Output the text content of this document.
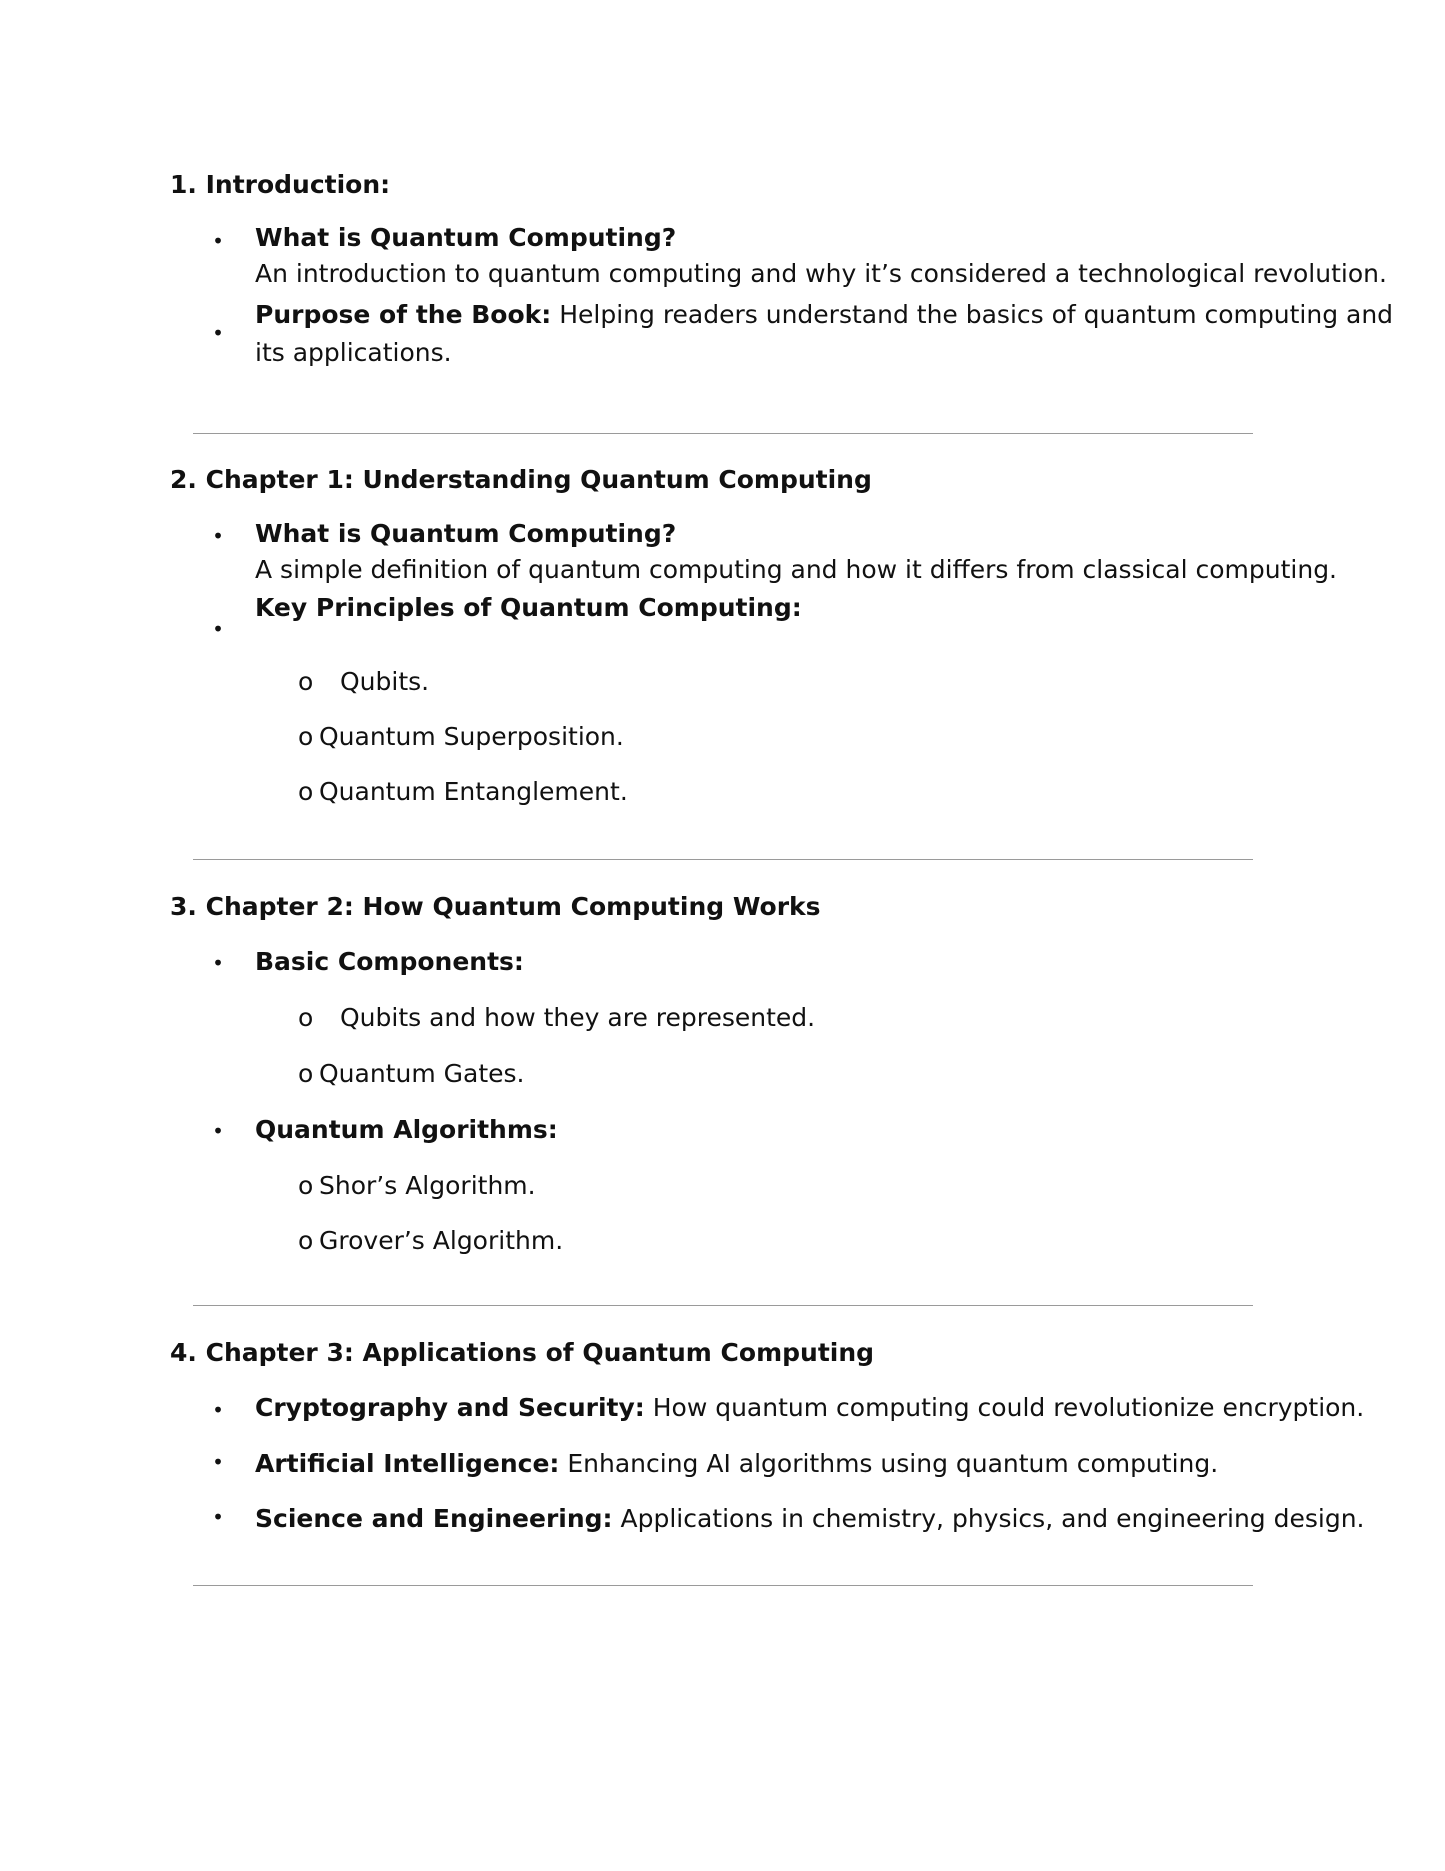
1. Introduction:

• What is Quantum Computing?

An introduction to quantum computing and why it’s considered a technological revolution.

•

Purpose of the Book: Helping readers understand the basics of quantum computing and

its applications.

2. Chapter 1: Understanding Quantum Computing

• What is Quantum Computing?

A simple definition of quantum computing and how it differs from classical computing.

•

Key Principles of Quantum Computing:

o Qubits.

o Quantum Superposition.

o Quantum Entanglement.

3. Chapter 2: How Quantum Computing Works

• Basic Components:

o Qubits and how they are represented.

o Quantum Gates.

• Quantum Algorithms:

o Shor’s Algorithm.

o Grover’s Algorithm.

4. Chapter 3: Applications of Quantum Computing

• Cryptography and Security: How quantum computing could revolutionize encryption.

• Artificial Intelligence: Enhancing AI algorithms using quantum computing.

• Science and Engineering: Applications in chemistry, physics, and engineering design.
